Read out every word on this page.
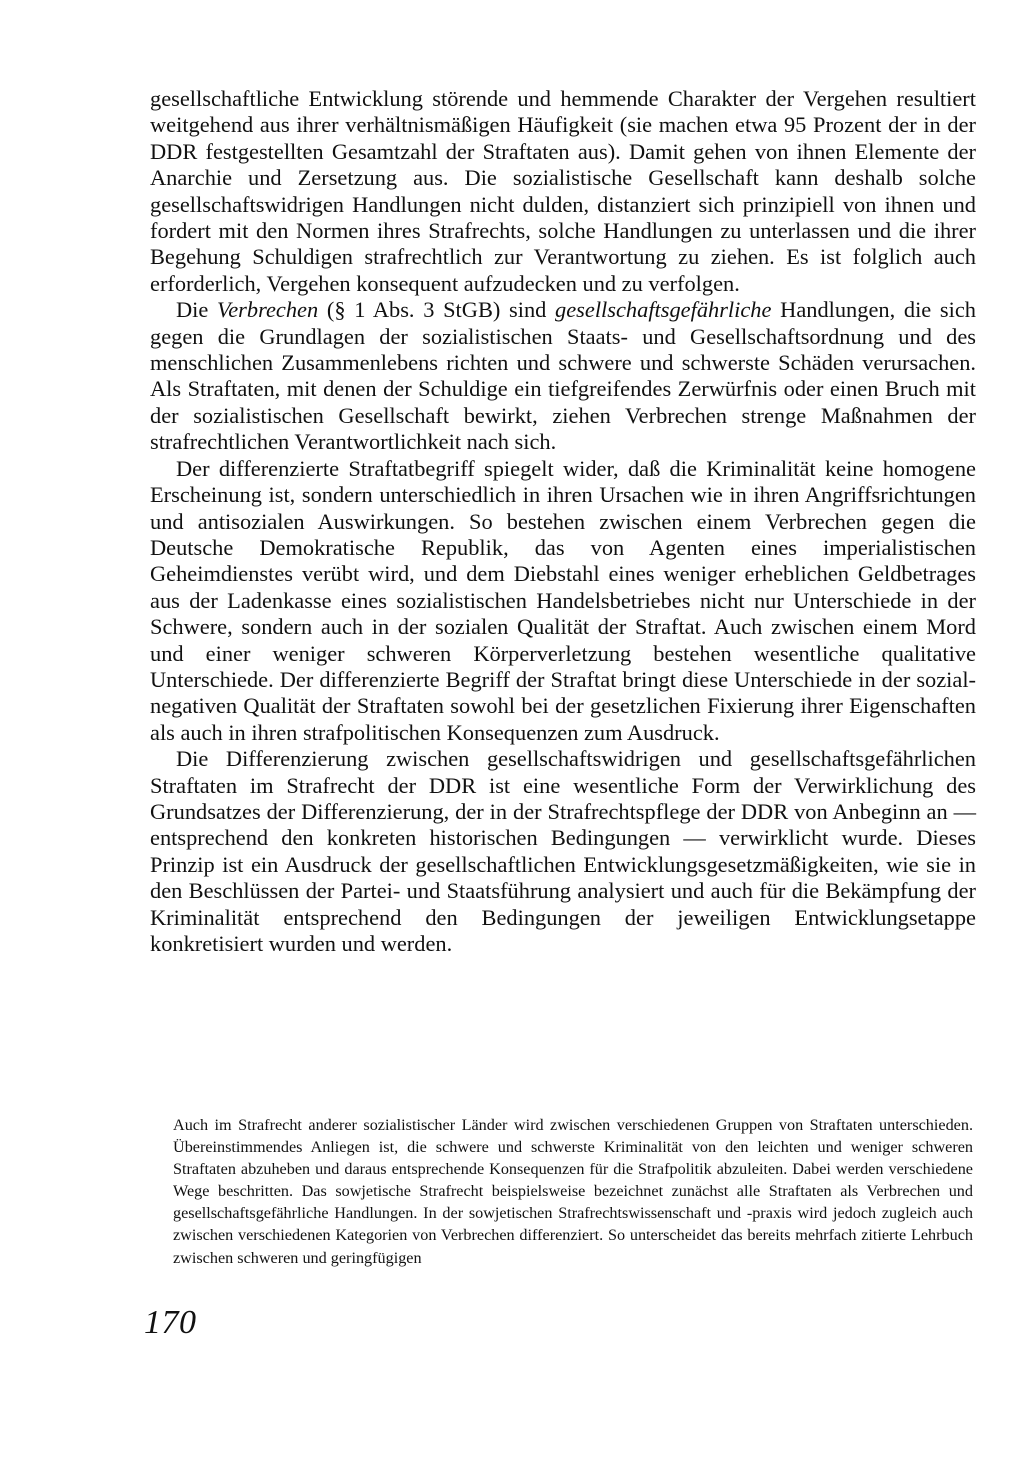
gesellschaftliche Entwicklung störende und hemmende Charakter der Vergehen resultiert weitgehend aus ihrer verhältnismäßigen Häufigkeit (sie machen etwa 95 Prozent der in der DDR festgestellten Gesamtzahl der Straftaten aus). Damit gehen von ihnen Elemente der Anarchie und Zersetzung aus. Die sozialistische Gesellschaft kann deshalb solche gesellschaftswidrigen Handlungen nicht dulden, distanziert sich prinzipiell von ihnen und fordert mit den Normen ihres Strafrechts, solche Handlungen zu unterlassen und die ihrer Begehung Schuldigen strafrechtlich zur Verantwortung zu ziehen. Es ist folglich auch erforderlich, Vergehen konsequent aufzudecken und zu verfolgen.

Die Verbrechen (§ 1 Abs. 3 StGB) sind gesellschaftsgefährliche Handlungen, die sich gegen die Grundlagen der sozialistischen Staats- und Gesellschaftsordnung und des menschlichen Zusammenlebens richten und schwere und schwerste Schäden verursachen. Als Straftaten, mit denen der Schuldige ein tiefgreifendes Zerwürfnis oder einen Bruch mit der sozialistischen Gesellschaft bewirkt, ziehen Verbrechen strenge Maßnahmen der strafrechtlichen Verantwortlichkeit nach sich.

Der differenzierte Straftatbegriff spiegelt wider, daß die Kriminalität keine homogene Erscheinung ist, sondern unterschiedlich in ihren Ursachen wie in ihren Angriffsrichtungen und antisozialen Auswirkungen. So bestehen zwischen einem Verbrechen gegen die Deutsche Demokratische Republik, das von Agenten eines imperialistischen Geheimdienstes verübt wird, und dem Diebstahl eines weniger erheblichen Geldbetrages aus der Ladenkasse eines sozialistischen Handelsbetriebes nicht nur Unterschiede in der Schwere, sondern auch in der sozialen Qualität der Straftat. Auch zwischen einem Mord und einer weniger schweren Körperverletzung bestehen wesentliche qualitative Unterschiede. Der differenzierte Begriff der Straftat bringt diese Unterschiede in der sozial-negativen Qualität der Straftaten sowohl bei der gesetzlichen Fixierung ihrer Eigenschaften als auch in ihren strafpolitischen Konsequenzen zum Ausdruck.

Die Differenzierung zwischen gesellschaftswidrigen und gesellschaftsgefährlichen Straftaten im Strafrecht der DDR ist eine wesentliche Form der Verwirklichung des Grundsatzes der Differenzierung, der in der Strafrechtspflege der DDR von Anbeginn an — entsprechend den konkreten historischen Bedingungen — verwirklicht wurde. Dieses Prinzip ist ein Ausdruck der gesellschaftlichen Entwicklungsgesetzmäßigkeiten, wie sie in den Beschlüssen der Partei- und Staatsführung analysiert und auch für die Bekämpfung der Kriminalität entsprechend den Bedingungen der jeweiligen Entwicklungsetappe konkretisiert wurden und werden.

Auch im Strafrecht anderer sozialistischer Länder wird zwischen verschiedenen Gruppen von Straftaten unterschieden. Übereinstimmendes Anliegen ist, die schwere und schwerste Kriminalität von den leichten und weniger schweren Straftaten abzuheben und daraus entsprechende Konsequenzen für die Strafpolitik abzuleiten. Dabei werden verschiedene Wege beschritten. Das sowjetische Strafrecht beispielsweise bezeichnet zunächst alle Straftaten als Verbrechen und gesellschaftsgefährliche Handlungen. In der sowjetischen Strafrechtswissenschaft und -praxis wird jedoch zugleich auch zwischen verschiedenen Kategorien von Verbrechen differenziert. So unterscheidet das bereits mehrfach zitierte Lehrbuch zwischen schweren und geringfügigen

170
